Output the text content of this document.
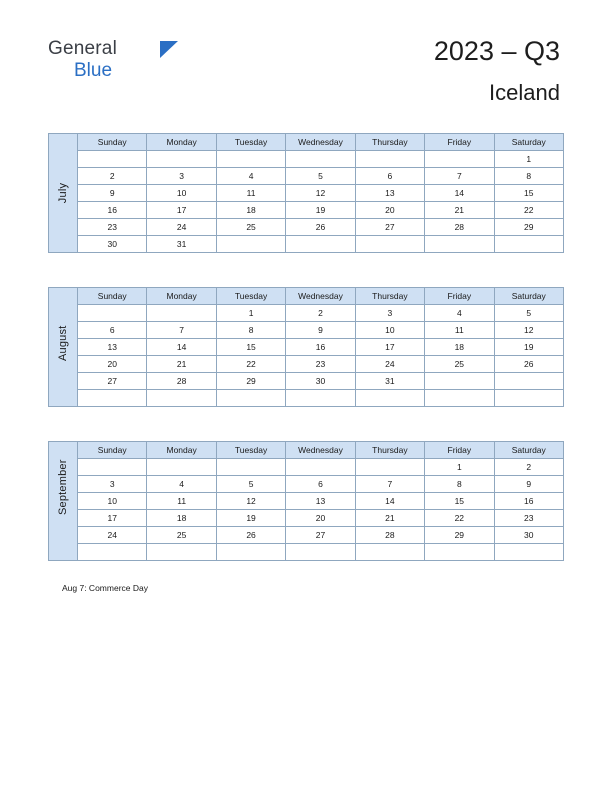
General
Blue
2023 – Q3
Iceland
July	Sunday	Monday	Tuesday	Wednesday	Thursday	Friday	Saturday
							1
	2	3	4	5	6	7	8
	9	10	11	12	13	14	15
	16	17	18	19	20	21	22
	23	24	25	26	27	28	29
	30	31					
August	Sunday	Monday	Tuesday	Wednesday	Thursday	Friday	Saturday
			1	2	3	4	5
	6	7	8	9	10	11	12
	13	14	15	16	17	18	19
	20	21	22	23	24	25	26
	27	28	29	30	31		

September	Sunday	Monday	Tuesday	Wednesday	Thursday	Friday	Saturday
						1	2
	3	4	5	6	7	8	9
	10	11	12	13	14	15	16
	17	18	19	20	21	22	23
	24	25	26	27	28	29	30

Aug 7: Commerce Day
